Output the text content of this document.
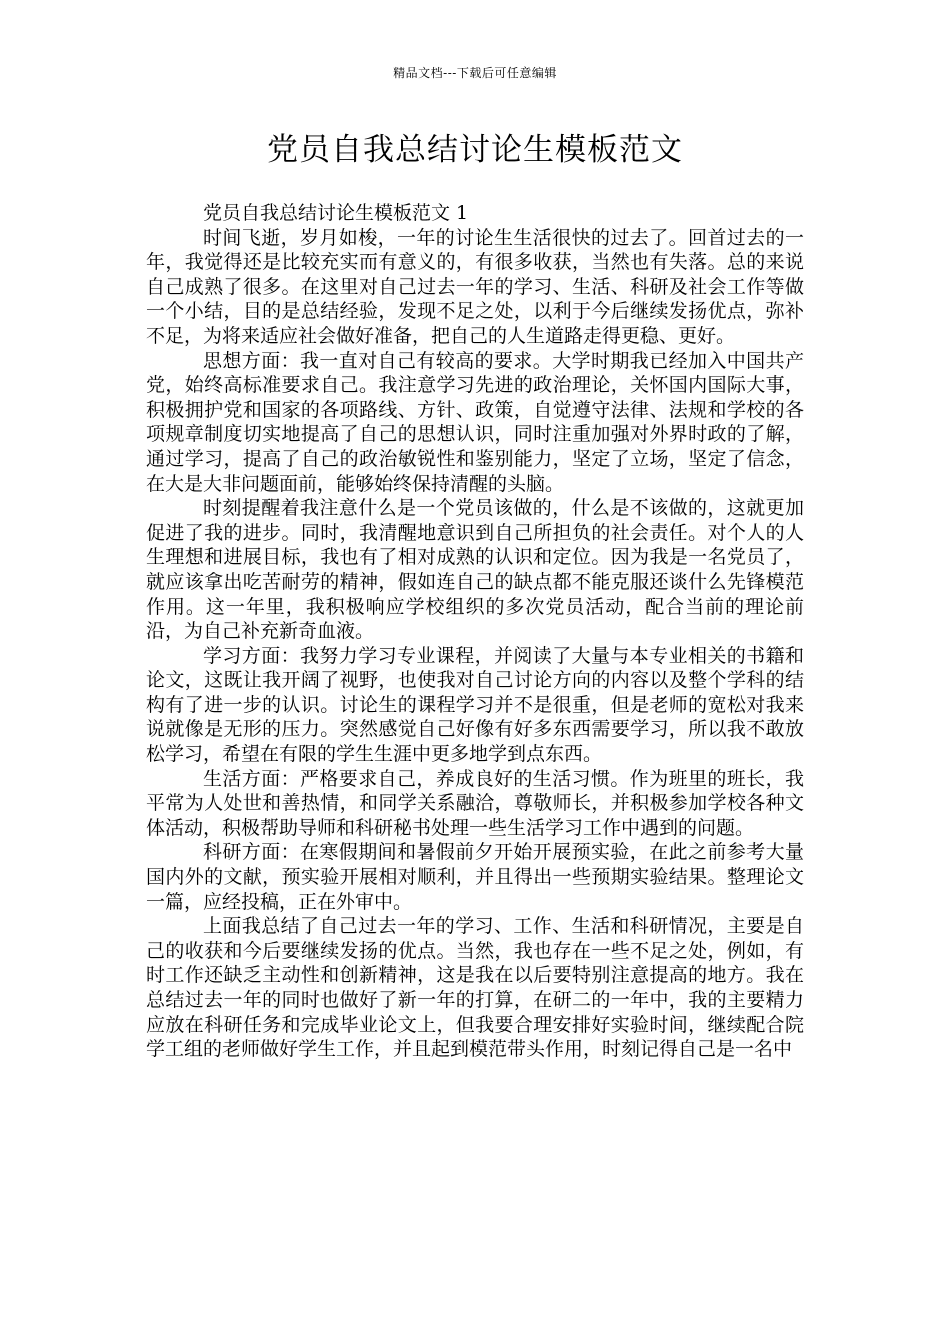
精品文档---下载后可任意编辑
党员自我总结讨论生模板范文

党员自我总结讨论生模板范文 1

时间飞逝，岁月如梭，一年的讨论生生活很快的过去了。回首过去的一年，我觉得还是比较充实而有意义的，有很多收获，当然也有失落。总的来说自己成熟了很多。在这里对自己过去一年的学习、生活、科研及社会工作等做一个小结，目的是总结经验，发现不足之处，以利于今后继续发扬优点，弥补不足，为将来适应社会做好准备，把自己的人生道路走得更稳、更好。

思想方面：我一直对自己有较高的要求。大学时期我已经加入中国共产党，始终高标准要求自己。我注意学习先进的政治理论，关怀国内国际大事，积极拥护党和国家的各项路线、方针、政策，自觉遵守法律、法规和学校的各项规章制度切实地提高了自己的思想认识，同时注重加强对外界时政的了解，通过学习，提高了自己的政治敏锐性和鉴别能力，坚定了立场，坚定了信念，在大是大非问题面前，能够始终保持清醒的头脑。

时刻提醒着我注意什么是一个党员该做的，什么是不该做的，这就更加促进了我的进步。同时，我清醒地意识到自己所担负的社会责任。对个人的人生理想和进展目标，我也有了相对成熟的认识和定位。因为我是一名党员了，就应该拿出吃苦耐劳的精神，假如连自己的缺点都不能克服还谈什么先锋模范作用。这一年里，我积极响应学校组织的多次党员活动，配合当前的理论前沿，为自己补充新奇血液。

学习方面：我努力学习专业课程，并阅读了大量与本专业相关的书籍和论文，这既让我开阔了视野，也使我对自己讨论方向的内容以及整个学科的结构有了进一步的认识。讨论生的课程学习并不是很重，但是老师的宽松对我来说就像是无形的压力。突然感觉自己好像有好多东西需要学习，所以我不敢放松学习，希望在有限的学生生涯中更多地学到点东西。

生活方面：严格要求自己，养成良好的生活习惯。作为班里的班长，我平常为人处世和善热情，和同学关系融洽，尊敬师长，并积极参加学校各种文体活动，积极帮助导师和科研秘书处理一些生活学习工作中遇到的问题。

科研方面：在寒假期间和暑假前夕开始开展预实验，在此之前参考大量国内外的文献，预实验开展相对顺利，并且得出一些预期实验结果。整理论文一篇，应经投稿，正在外审中。

上面我总结了自己过去一年的学习、工作、生活和科研情况，主要是自己的收获和今后要继续发扬的优点。当然，我也存在一些不足之处，例如，有时工作还缺乏主动性和创新精神，这是我在以后要特别注意提高的地方。我在总结过去一年的同时也做好了新一年的打算，在研二的一年中，我的主要精力应放在科研任务和完成毕业论文上，但我要合理安排好实验时间，继续配合院学工组的老师做好学生工作，并且起到模范带头作用，时刻记得自己是一名中
